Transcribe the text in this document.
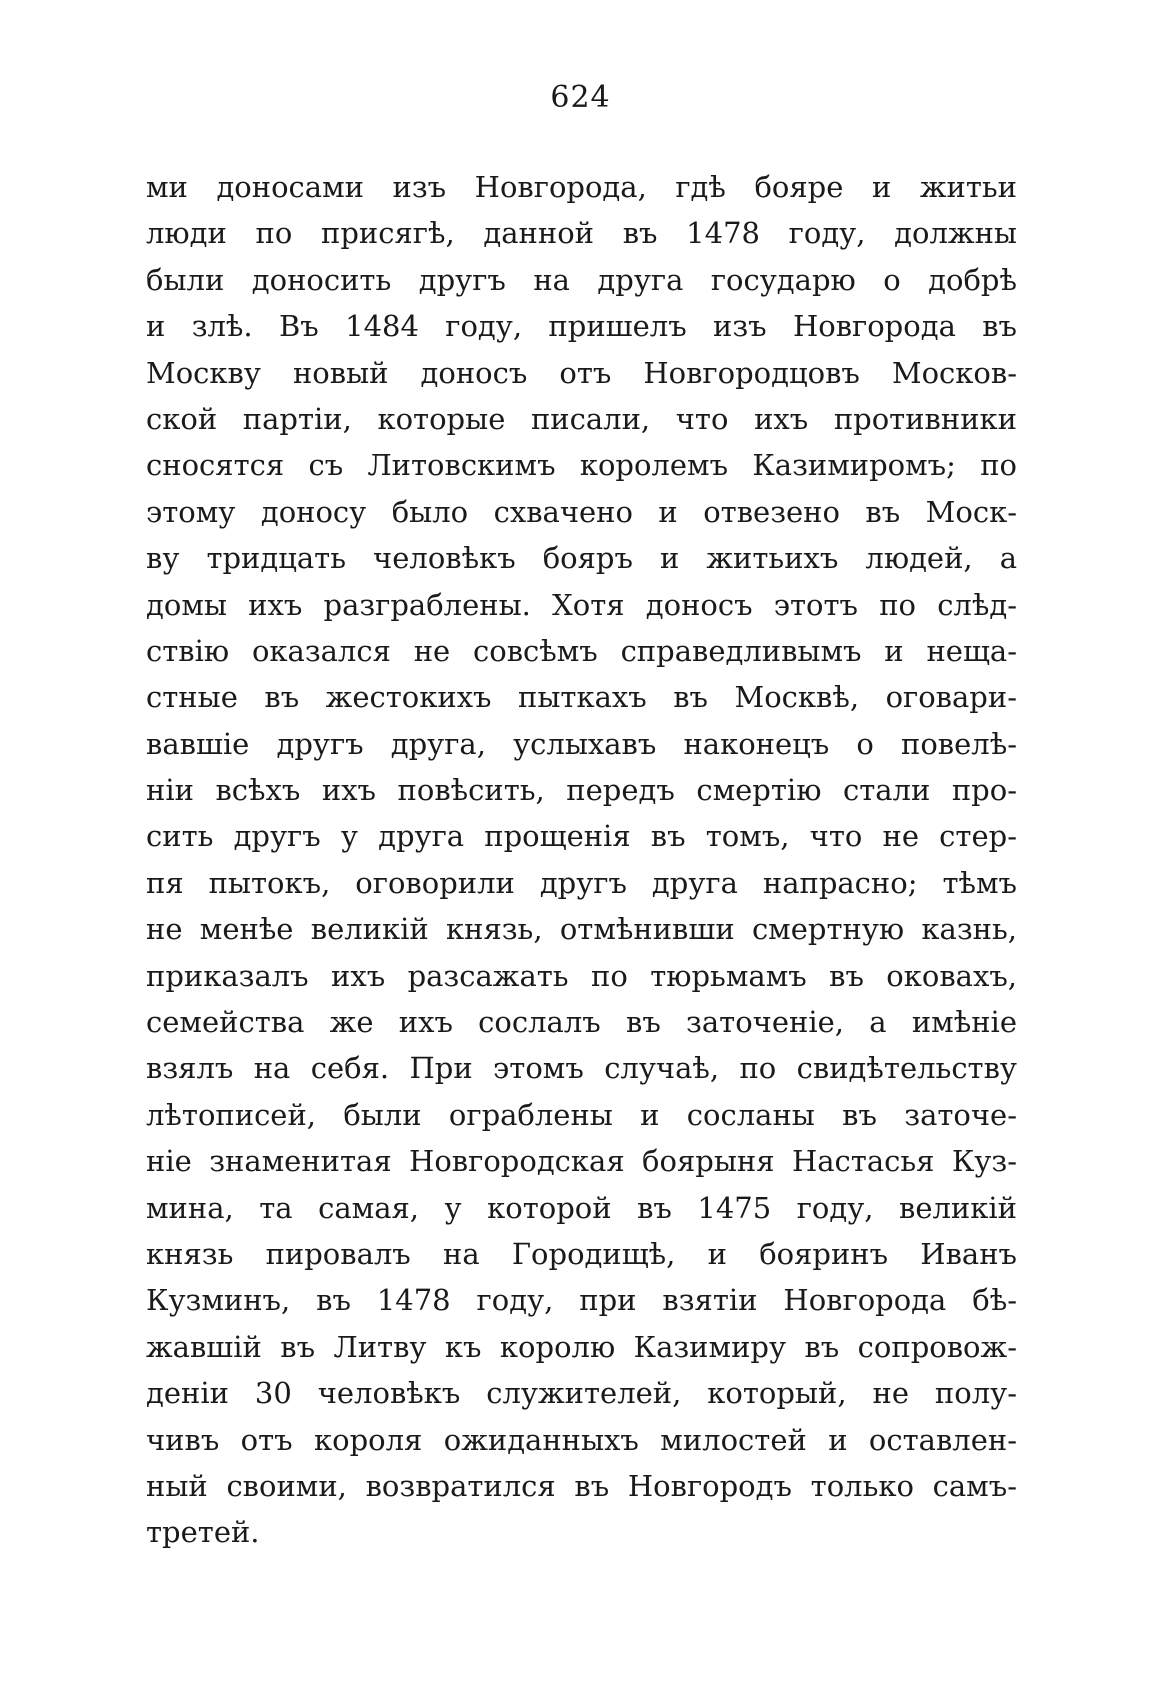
624
ми доносами изъ Новгорода, гдѣ бояре и житьи
люди по присягѣ, данной въ 1478 году, должны
были доносить другъ на друга государю о добрѣ
и злѣ. Въ 1484 году, пришелъ изъ Новгорода въ
Москву новый доносъ отъ Новгородцовъ Москов-
ской партіи, которые писали, что ихъ противники
сносятся съ Литовскимъ королемъ Казимиромъ; по
этому доносу было схвачено и отвезено въ Моск-
ву тридцать человѣкъ бояръ и житьихъ людей, а
домы ихъ разграблены. Хотя доносъ этотъ по слѣд-
ствію оказался не совсѣмъ справедливымъ и нещa-
стные въ жестокихъ пыткахъ въ Москвѣ, оговари-
вавшіе другъ друга, услыхавъ наконецъ о повелѣ-
ніи всѣхъ ихъ повѣсить, передъ смертію стали про-
сить другъ у друга прощенія въ томъ, что не стер-
пя пытокъ, оговорили другъ друга напрасно; тѣмъ
не менѣе великій князь, отмѣнивши смертную казнь,
приказалъ ихъ разсажать по тюрьмамъ въ оковахъ,
семейства же ихъ сослалъ въ заточеніе, а имѣніе
взялъ на себя. При этомъ случаѣ, по свидѣтельству
лѣтописей, были ограблены и сосланы въ заточе-
ніе знаменитая Новгородская боярыня Настасья Куз-
мина, та самая, у которой въ 1475 году, великій
князь пировалъ на Городищѣ, и бояринъ Иванъ
Кузминъ, въ 1478 году, при взятіи Новгорода бѣ-
жавшій въ Литву къ королю Казимиру въ сопровож-
деніи 30 человѣкъ служителей, который, не полу-
чивъ отъ короля ожиданныхъ милостей и оставлен-
ный своими, возвратился въ Новгородъ только самъ-
третей.
